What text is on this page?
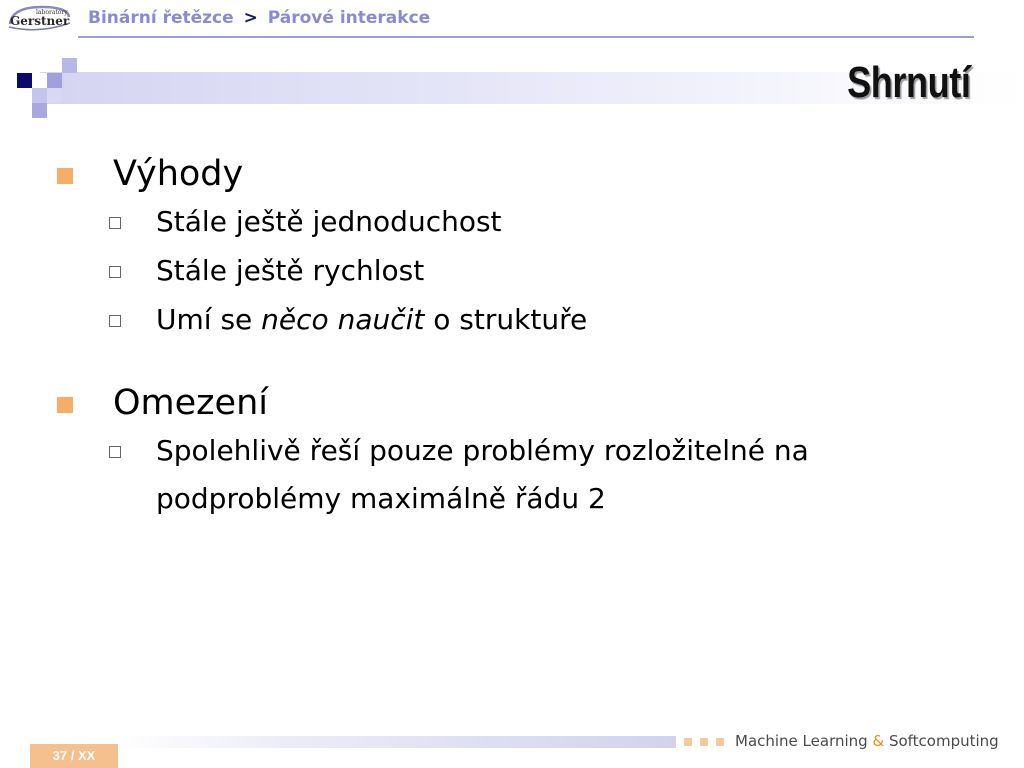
laboratory
Gerstner Binární řetězce > Párové interakce
Shrnutí
Výhody
Stále ještě jednoduchost
Stále ještě rychlost
Umí se něco naučit o struktuře
Omezení
Spolehlivě řeší pouze problémy rozložitelné na
podproblémy maximálně řádu 2
37 / XX
Machine Learning & Softcomputing
